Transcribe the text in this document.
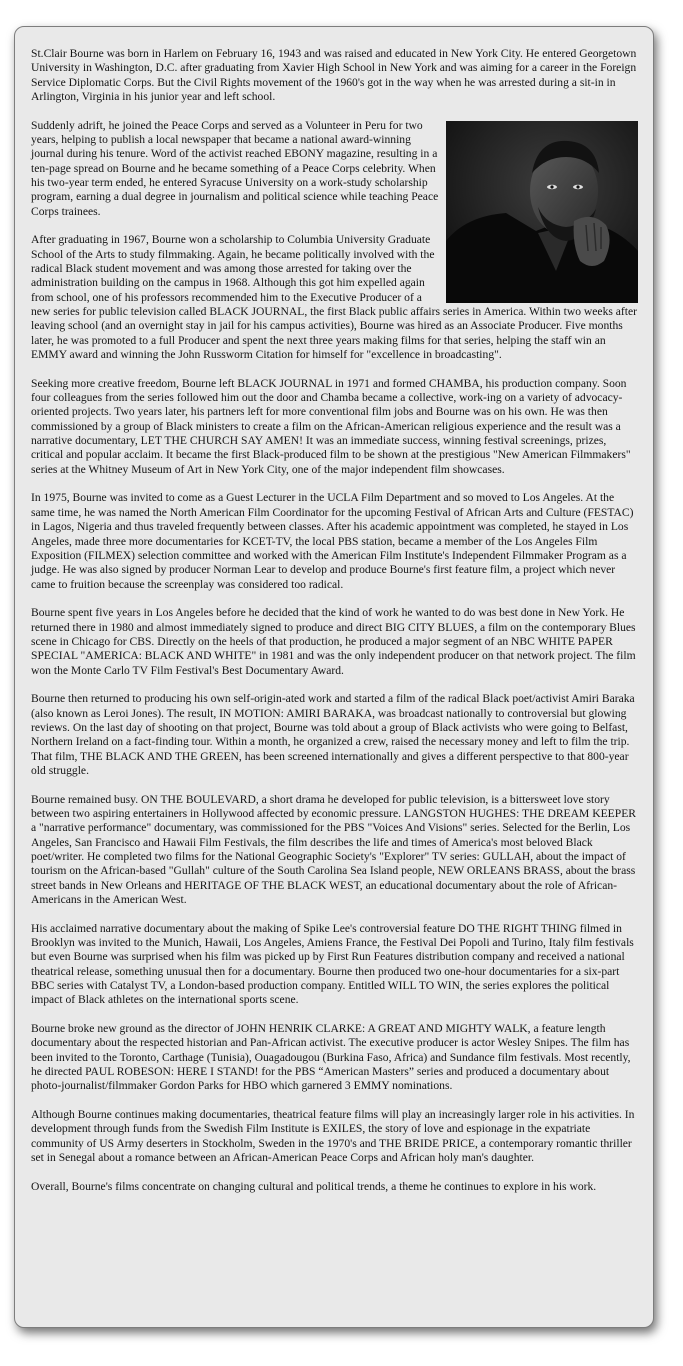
St.Clair Bourne was born in Harlem on February 16, 1943 and was raised and educated in New York City. He entered Georgetown University in Washington, D.C. after graduating from Xavier High School in New York and was aiming for a career in the Foreign Service Diplomatic Corps. But the Civil Rights movement of the 1960's got in the way when he was arrested during a sit-in in Arlington, Virginia in his junior year and left school.

Suddenly adrift, he joined the Peace Corps and served as a Volunteer in Peru for two years, helping to publish a local newspaper that became a national award-winning journal during his tenure. Word of the activist reached EBONY magazine, resulting in a ten-page spread on Bourne and he became something of a Peace Corps celebrity. When his two-year term ended, he entered Syracuse University on a work-study scholarship program, earning a dual degree in journalism and political science while teaching Peace Corps trainees.

After graduating in 1967, Bourne won a scholarship to Columbia University Graduate School of the Arts to study filmmaking. Again, he became politically involved with the radical Black student movement and was among those arrested for taking over the administration building on the campus in 1968. Although this got him expelled again from school, one of his professors recommended him to the Executive Producer of a new series for public television called BLACK JOURNAL, the first Black public affairs series in America. Within two weeks after leaving school (and an overnight stay in jail for his campus activities), Bourne was hired as an Associate Producer. Five months later, he was promoted to a full Producer and spent the next three years making films for that series, helping the staff win an EMMY award and winning the John Russworm Citation for himself for "excellence in broadcasting".

Seeking more creative freedom, Bourne left BLACK JOURNAL in 1971 and formed CHAMBA, his production company. Soon four colleagues from the series followed him out the door and Chamba became a collective, work-ing on a variety of advocacy-oriented projects. Two years later, his partners left for more conventional film jobs and Bourne was on his own. He was then commissioned by a group of Black ministers to create a film on the African-American religious experience and the result was a narrative documentary, LET THE CHURCH SAY AMEN! It was an immediate success, winning festival screenings, prizes, critical and popular acclaim. It became the first Black-produced film to be shown at the prestigious "New American Filmmakers" series at the Whitney Museum of Art in New York City, one of the major independent film showcases.

In 1975, Bourne was invited to come as a Guest Lecturer in the UCLA Film Department and so moved to Los Angeles. At the same time, he was named the North American Film Coordinator for the upcoming Festival of African Arts and Culture (FESTAC) in Lagos, Nigeria and thus traveled frequently between classes. After his academic appointment was completed, he stayed in Los Angeles, made three more documentaries for KCET-TV, the local PBS station, became a member of the Los Angeles Film Exposition (FILMEX) selection committee and worked with the American Film Institute's Independent Filmmaker Program as a judge. He was also signed by producer Norman Lear to develop and produce Bourne's first feature film, a project which never came to fruition because the screenplay was considered too radical.

Bourne spent five years in Los Angeles before he decided that the kind of work he wanted to do was best done in New York. He returned there in 1980 and almost immediately signed to produce and direct BIG CITY BLUES, a film on the contemporary Blues scene in Chicago for CBS. Directly on the heels of that production, he produced a major segment of an NBC WHITE PAPER SPECIAL "AMERICA: BLACK AND WHITE" in 1981 and was the only independent producer on that network project. The film won the Monte Carlo TV Film Festival's Best Documentary Award.

Bourne then returned to producing his own self-origin-ated work and started a film of the radical Black poet/activist Amiri Baraka (also known as Leroi Jones). The result, IN MOTION: AMIRI BARAKA, was broadcast nationally to controversial but glowing reviews. On the last day of shooting on that project, Bourne was told about a group of Black activists who were going to Belfast, Northern Ireland on a fact-finding tour. Within a month, he organized a crew, raised the necessary money and left to film the trip. That film, THE BLACK AND THE GREEN, has been screened internationally and gives a different perspective to that 800-year old struggle.

Bourne remained busy. ON THE BOULEVARD, a short drama he developed for public television, is a bittersweet love story between two aspiring entertainers in Hollywood affected by economic pressure. LANGSTON HUGHES: THE DREAM KEEPER a "narrative performance" documentary, was commissioned for the PBS "Voices And Visions" series. Selected for the Berlin, Los Angeles, San Francisco and Hawaii Film Festivals, the film describes the life and times of America's most beloved Black poet/writer. He completed two films for the National Geographic Society's "Explorer" TV series: GULLAH, about the impact of tourism on the African-based "Gullah" culture of the South Carolina Sea Island people, NEW ORLEANS BRASS, about the brass street bands in New Orleans and HERITAGE OF THE BLACK WEST, an educational documentary about the role of African-Americans in the American West.

His acclaimed narrative documentary about the making of Spike Lee's controversial feature DO THE RIGHT THING filmed in Brooklyn was invited to the Munich, Hawaii, Los Angeles, Amiens France, the Festival Dei Popoli and Turino, Italy film festivals but even Bourne was surprised when his film was picked up by First Run Features distribution company and received a national theatrical release, something unusual then for a documentary. Bourne then produced two one-hour documentaries for a six-part BBC series with Catalyst TV, a London-based production company. Entitled WILL TO WIN, the series explores the political impact of Black athletes on the international sports scene.

Bourne broke new ground as the director of JOHN HENRIK CLARKE: A GREAT AND MIGHTY WALK, a feature length documentary about the respected historian and Pan-African activist. The executive producer is actor Wesley Snipes. The film has been invited to the Toronto, Carthage (Tunisia), Ouagadougou (Burkina Faso, Africa) and Sundance film festivals. Most recently, he directed PAUL ROBESON: HERE I STAND! for the PBS “American Masters” series and produced a documentary about photo-journalist/filmmaker Gordon Parks for HBO which garnered 3 EMMY nominations.

Although Bourne continues making documentaries, theatrical feature films will play an increasingly larger role in his activities. In development through funds from the Swedish Film Institute is EXILES, the story of love and espionage in the expatriate community of US Army deserters in Stockholm, Sweden in the 1970's and THE BRIDE PRICE, a contemporary romantic thriller set in Senegal about a romance between an African-American Peace Corps and African holy man's daughter.

Overall, Bourne's films concentrate on changing cultural and political trends, a theme he continues to explore in his work.
